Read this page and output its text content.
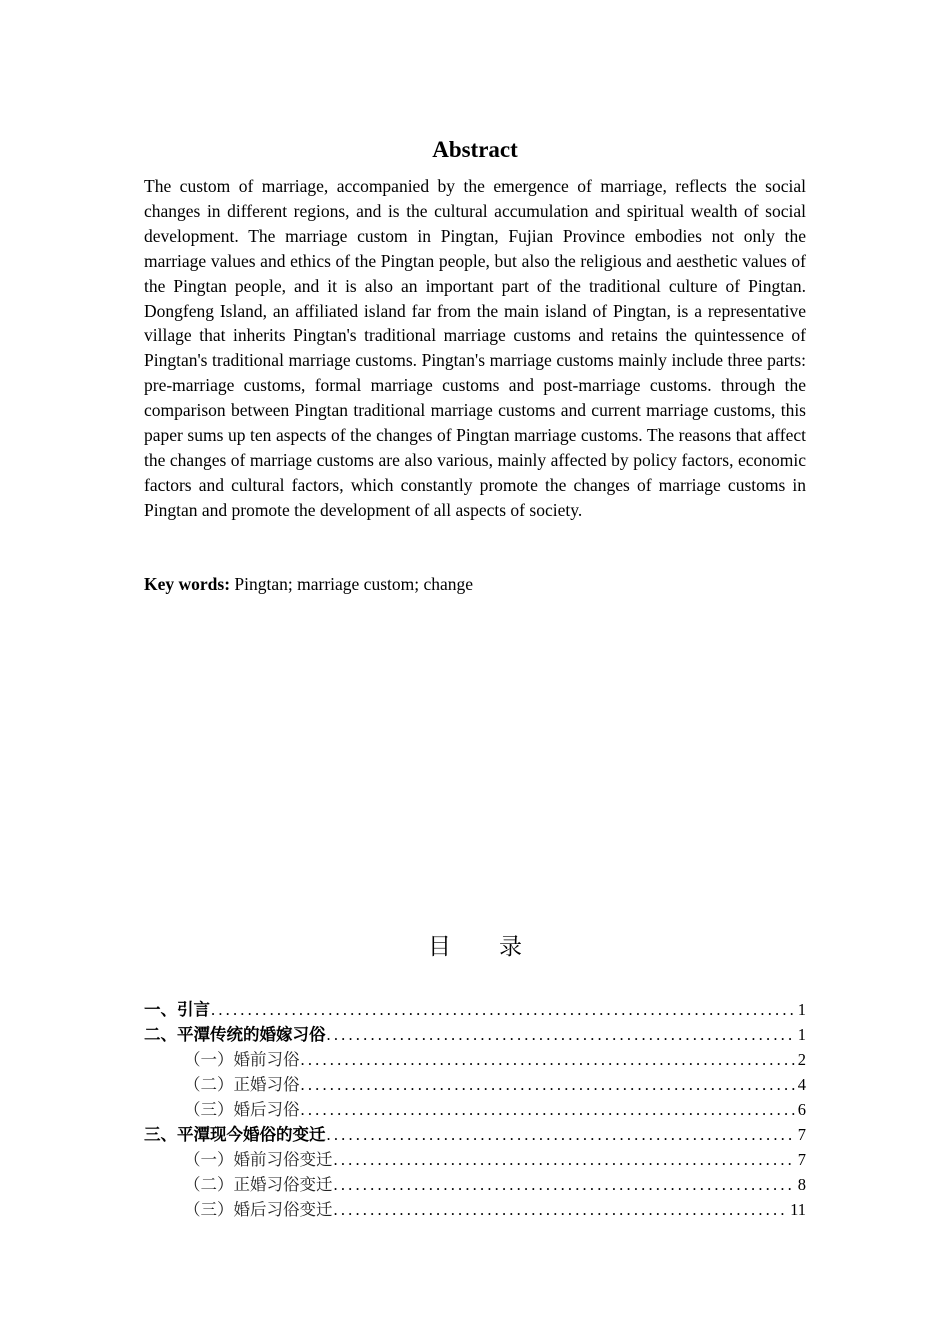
Abstract

The custom of marriage, accompanied by the emergence of marriage, reflects the social changes in different regions, and is the cultural accumulation and spiritual wealth of social development. The marriage custom in Pingtan, Fujian Province embodies not only the marriage values and ethics of the Pingtan people, but also the religious and aesthetic values of the Pingtan people, and it is also an important part of the traditional culture of Pingtan. Dongfeng Island, an affiliated island far from the main island of Pingtan, is a representative village that inherits Pingtan's traditional marriage customs and retains the quintessence of Pingtan's traditional marriage customs. Pingtan's marriage customs mainly include three parts: pre-marriage customs, formal marriage customs and post-marriage customs. through the comparison between Pingtan traditional marriage customs and current marriage customs, this paper sums up ten aspects of the changes of Pingtan marriage customs. The reasons that affect the changes of marriage customs are also various, mainly affected by policy factors, economic factors and cultural factors, which constantly promote the changes of marriage customs in Pingtan and promote the development of all aspects of society.

Key words: Pingtan; marriage custom; change
目 录
一、引言 .....	1
二、平潭传统的婚嫁习俗 .....	1
（一）婚前习俗 .....	2
（二）正婚习俗 .....	4
（三）婚后习俗 .....	6
三、平潭现今婚俗的变迁 .....	7
（一）婚前习俗变迁 .....	7
（二）正婚习俗变迁 .....	8
（三）婚后习俗变迁 .....	11
